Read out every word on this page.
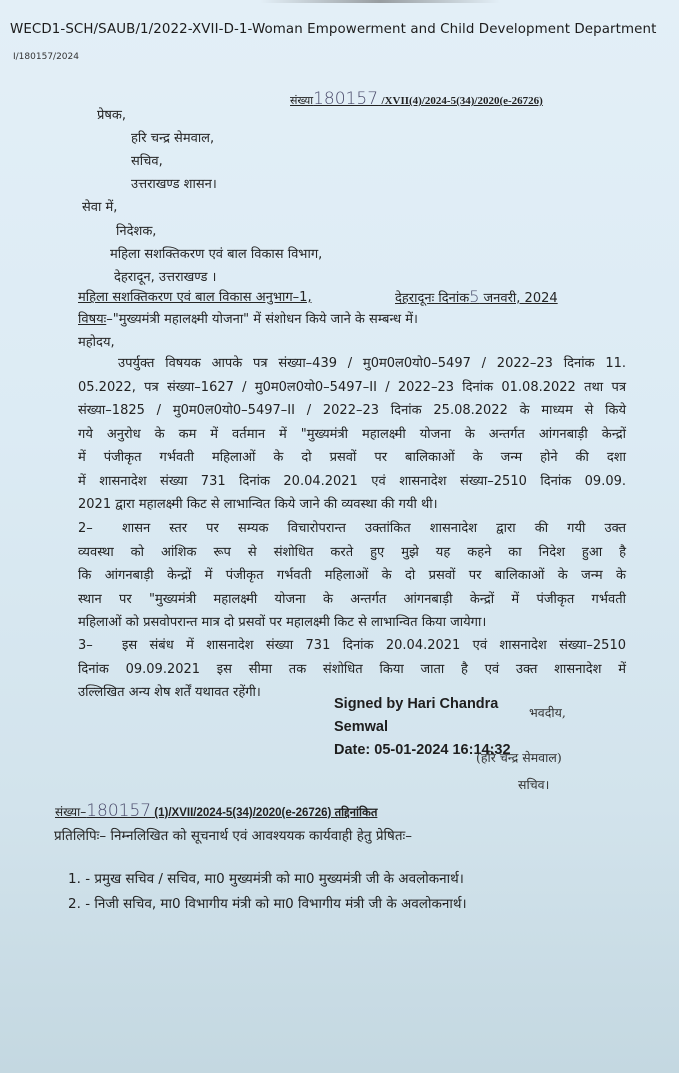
WECD1-SCH/SAUB/1/2022-XVII-D-1-Woman Empowerment and Child Development Department
I/180157/2024
संख्या180157 /XVII(4)/2024-5(34)/2020(e-26726)
प्रेषक,
हरि चन्द्र सेमवाल,
सचिव,
उत्तराखण्ड शासन।
सेवा में,
निदेशक,
महिला सशक्तिकरण एवं बाल विकास विभाग,
देहरादून, उत्तराखण्ड ।
महिला सशक्तिकरण एवं बाल विकास अनुभाग–1,	देहरादूनः दिनांक5 जनवरी, 2024
विषयः–"मुख्यमंत्री महालक्ष्मी योजना" में संशोधन किये जाने के सम्बन्ध में।
महोदय,
उपर्युक्त विषयक आपके पत्र संख्या–439 / मु0म0ल0यो0–5497 / 2022–23 दिनांक 11.
05.2022, पत्र संख्या–1627 / मु0म0ल0यो0–5497–II / 2022–23 दिनांक 01.08.2022 तथा पत्र
संख्या–1825 / मु0म0ल0यो0–5497–II / 2022–23 दिनांक 25.08.2022 के माध्यम से किये
गये अनुरोध के कम में वर्तमान में "मुख्यमंत्री महालक्ष्मी योजना के अन्तर्गत आंगनबाड़ी केन्द्रों
में पंजीकृत गर्भवती महिलाओं के दो प्रसवों पर बालिकाओं के जन्म होने की दशा
में शासनादेश संख्या 731 दिनांक 20.04.2021 एवं शासनादेश संख्या–2510 दिनांक 09.09.
2021 द्वारा महालक्ष्मी किट से लाभान्वित किये जाने की व्यवस्था की गयी थी।
2–	शासन स्तर पर सम्यक विचारोपरान्त उक्तांकित शासनादेश द्वारा की गयी उक्त
व्यवस्था को आंशिक रूप से संशोधित करते हुए मुझे यह कहने का निदेश हुआ है
कि आंगनबाड़ी केन्द्रों में पंजीकृत गर्भवती महिलाओं के दो प्रसवों पर बालिकाओं के जन्म के
स्थान पर "मुख्यमंत्री महालक्ष्मी योजना के अन्तर्गत आंगनबाड़ी केन्द्रों में पंजीकृत गर्भवती
महिलाओं को प्रसवोपरान्त मात्र दो प्रसवों पर महालक्ष्मी किट से लाभान्वित किया जायेगा।
3–	इस संबंध में शासनादेश संख्या 731 दिनांक 20.04.2021 एवं शासनादेश संख्या–2510
दिनांक 09.09.2021 इस सीमा तक संशोधित किया जाता है एवं उक्त शासनादेश में
उल्लिखित अन्य शेष शर्तें यथावत रहेंगी।
Signed by Hari Chandra
Semwal
Date: 05-01-2024 16:14:32
भवदीय,
(हरि चन्द्र सेमवाल)
सचिव।
संख्या–180157 (1)/XVII/2024-5(34)/2020(e-26726) तद्दिनांकित
प्रतिलिपिः– निम्नलिखित को सूचनार्थ एवं आवश्ययक कार्यवाही हेतु प्रेषितः–
1. - प्रमुख सचिव / सचिव, मा0 मुख्यमंत्री को मा0 मुख्यमंत्री जी के अवलोकनार्थ।
2. - निजी सचिव, मा0 विभागीय मंत्री को मा0 विभागीय मंत्री जी के अवलोकनार्थ।
